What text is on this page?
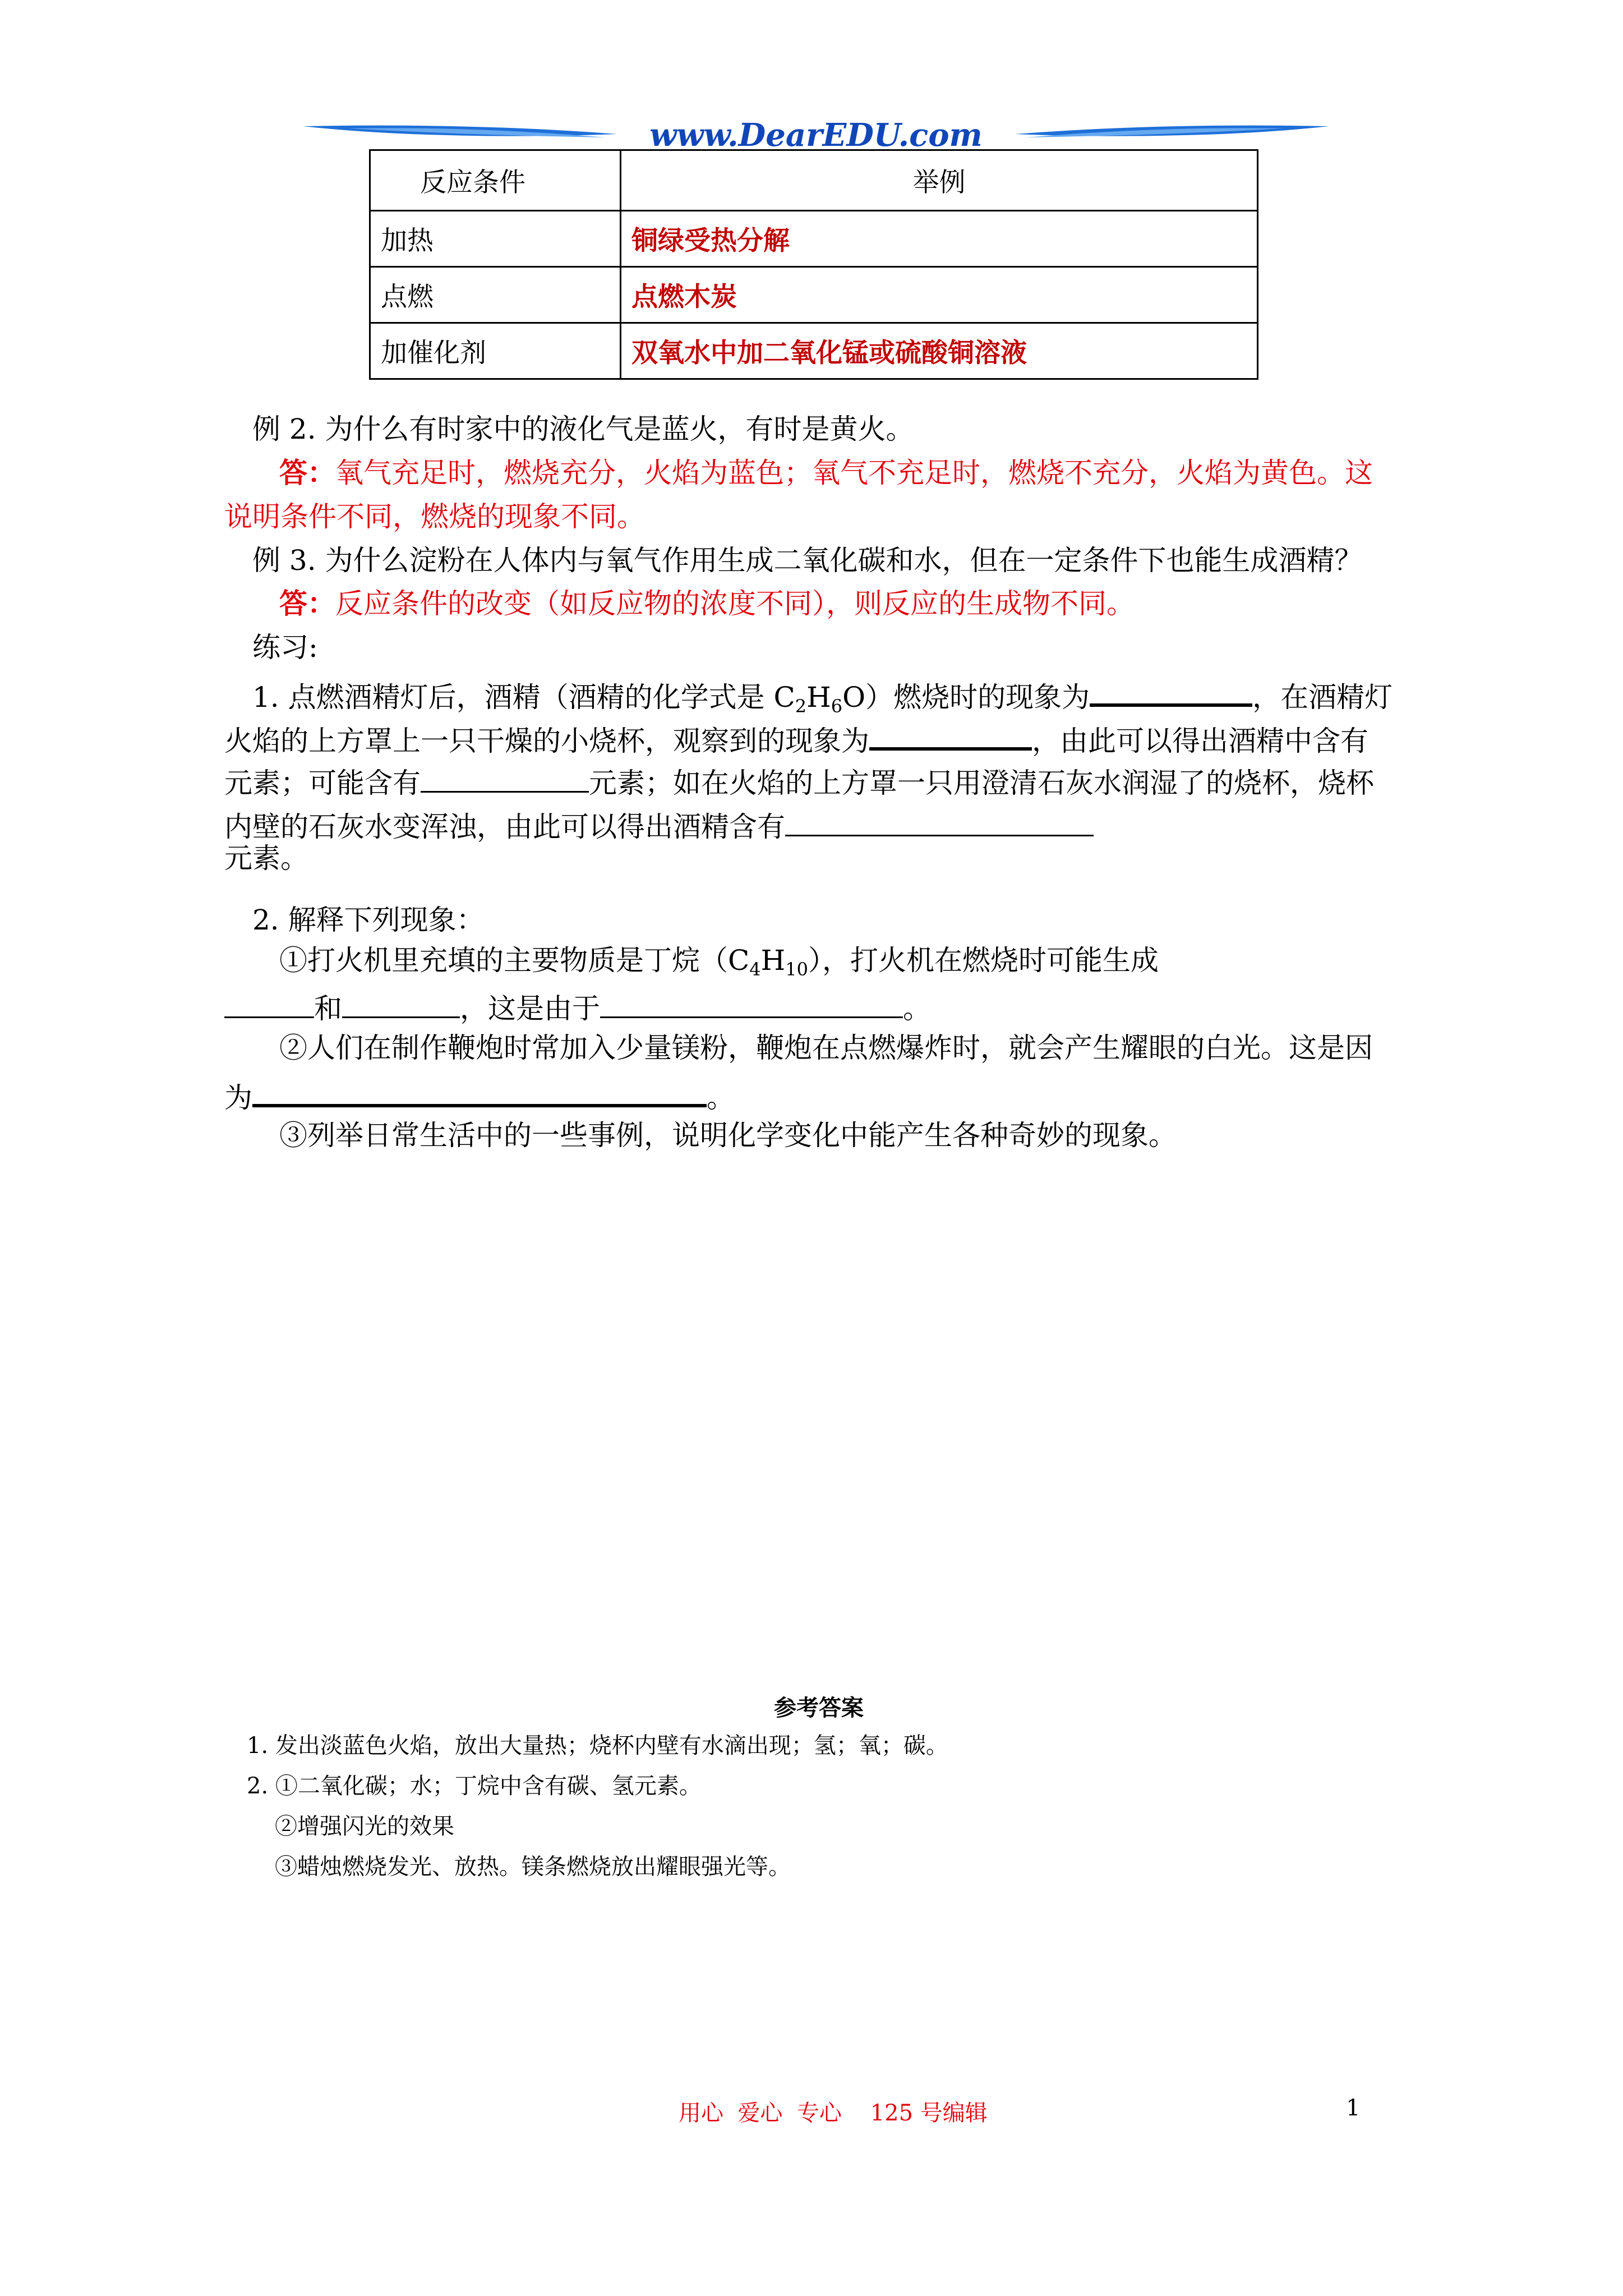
www.DearEDU.com
反应条件	举例
加热	铜绿受热分解
点燃	点燃木炭
加催化剂	双氧水中加二氧化锰或硫酸铜溶液
例 2. 为什么有时家中的液化气是蓝火，有时是黄火。
答：氧气充足时，燃烧充分，火焰为蓝色；氧气不充足时，燃烧不充分，火焰为黄色。这
说明条件不同，燃烧的现象不同。
例 3. 为什么淀粉在人体内与氧气作用生成二氧化碳和水，但在一定条件下也能生成酒精？
答：反应条件的改变（如反应物的浓度不同），则反应的生成物不同。
练习:
1. 点燃酒精灯后，酒精（酒精的化学式是 $C_2H_6O$）燃烧时的现象为	，在酒精灯
火焰的上方罩上一只干燥的小烧杯，观察到的现象为	，由此可以得出酒精中含有
元素；可能含有	元素；如在火焰的上方罩一只用澄清石灰水润湿了的烧杯，烧杯
内壁的石灰水变浑浊，由此可以得出酒精含有
元素。
2. 解释下列现象：
①打火机里充填的主要物质是丁烷$(C_4H_{10})$，打火机在燃烧时可能生成
和	，这是由于	。
②人们在制作鞭炮时常加入少量镁粉，鞭炮在点燃爆炸时，就会产生耀眼的白光。这是因
为	。
③列举日常生活中的一些事例，说明化学变化中能产生各种奇妙的现象。
参考答案
1. 发出淡蓝色火焰，放出大量热；烧杯内壁有水滴出现；氢；氧；碳。
2. ①二氧化碳；水；丁烷中含有碳、氢元素。
②增强闪光的效果
③蜡烛燃烧发光、放热。镁条燃烧放出耀眼强光等。
用心  爱心  专心    125 号编辑	1
